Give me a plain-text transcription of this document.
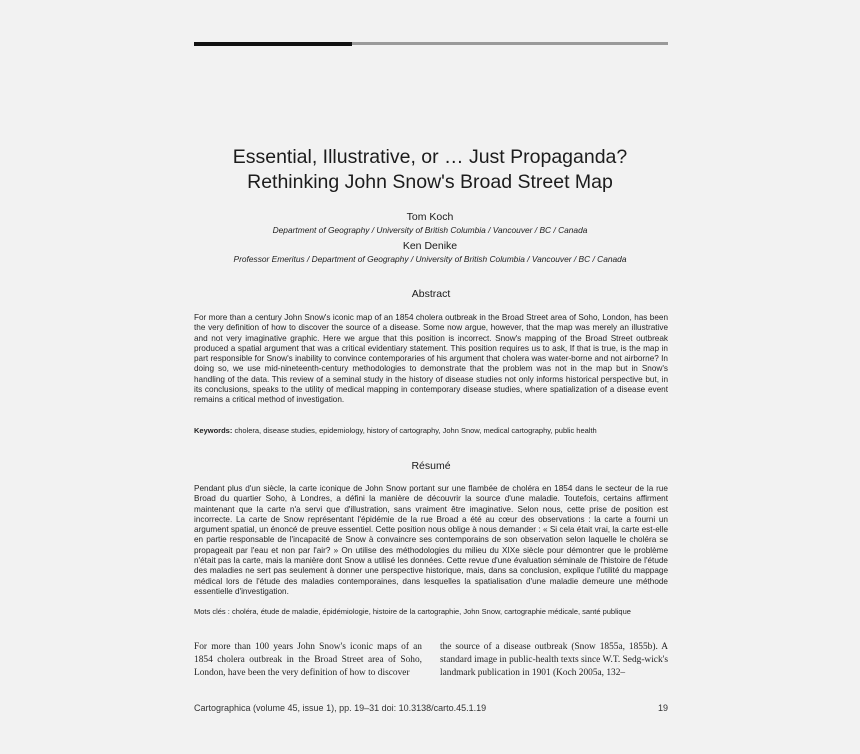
Essential, Illustrative, or … Just Propaganda?
Rethinking John Snow's Broad Street Map
Tom Koch
Department of Geography / University of British Columbia / Vancouver / BC / Canada
Ken Denike
Professor Emeritus / Department of Geography / University of British Columbia / Vancouver / BC / Canada
Abstract
For more than a century John Snow's iconic map of an 1854 cholera outbreak in the Broad Street area of Soho, London, has been the very definition of how to discover the source of a disease. Some now argue, however, that the map was merely an illustrative and not very imaginative graphic. Here we argue that this position is incorrect. Snow's mapping of the Broad Street outbreak produced a spatial argument that was a critical evidentiary statement. This position requires us to ask, If that is true, is the map in part responsible for Snow's inability to convince contemporaries of his argument that cholera was water-borne and not airborne? In doing so, we use mid-nineteenth-century methodologies to demonstrate that the problem was not in the map but in Snow's handling of the data. This review of a seminal study in the history of disease studies not only informs historical perspective but, in its conclusions, speaks to the utility of medical mapping in contemporary disease studies, where spatialization of a disease event remains a critical method of investigation.
Keywords: cholera, disease studies, epidemiology, history of cartography, John Snow, medical cartography, public health
Résumé
Pendant plus d'un siècle, la carte iconique de John Snow portant sur une flambée de choléra en 1854 dans le secteur de la rue Broad du quartier Soho, à Londres, a défini la manière de découvrir la source d'une maladie. Toutefois, certains affirment maintenant que la carte n'a servi que d'illustration, sans vraiment être imaginative. Selon nous, cette prise de position est incorrecte. La carte de Snow représentant l'épidémie de la rue Broad a été au cœur des observations : la carte a fourni un argument spatial, un énoncé de preuve essentiel. Cette position nous oblige à nous demander : « Si cela était vrai, la carte est-elle en partie responsable de l'incapacité de Snow à convaincre ses contemporains de son observation selon laquelle le choléra se propageait par l'eau et non par l'air? » On utilise des méthodologies du milieu du XIXe siècle pour démontrer que le problème n'était pas la carte, mais la manière dont Snow a utilisé les données. Cette revue d'une évaluation séminale de l'histoire de l'étude des maladies ne sert pas seulement à donner une perspective historique, mais, dans sa conclusion, explique l'utilité du mappage médical lors de l'étude des maladies contemporaines, dans lesquelles la spatialisation d'une maladie demeure une méthode essentielle d'investigation.
Mots clés : choléra, étude de maladie, épidémiologie, histoire de la cartographie, John Snow, cartographie médicale, santé publique
For more than 100 years John Snow's iconic maps of an 1854 cholera outbreak in the Broad Street area of Soho, London, have been the very definition of how to discover
the source of a disease outbreak (Snow 1855a, 1855b). A standard image in public-health texts since W.T. Sedg-wick's landmark publication in 1901 (Koch 2005a, 132–
Cartographica (volume 45, issue 1), pp. 19–31 doi: 10.3138/carto.45.1.19	19
